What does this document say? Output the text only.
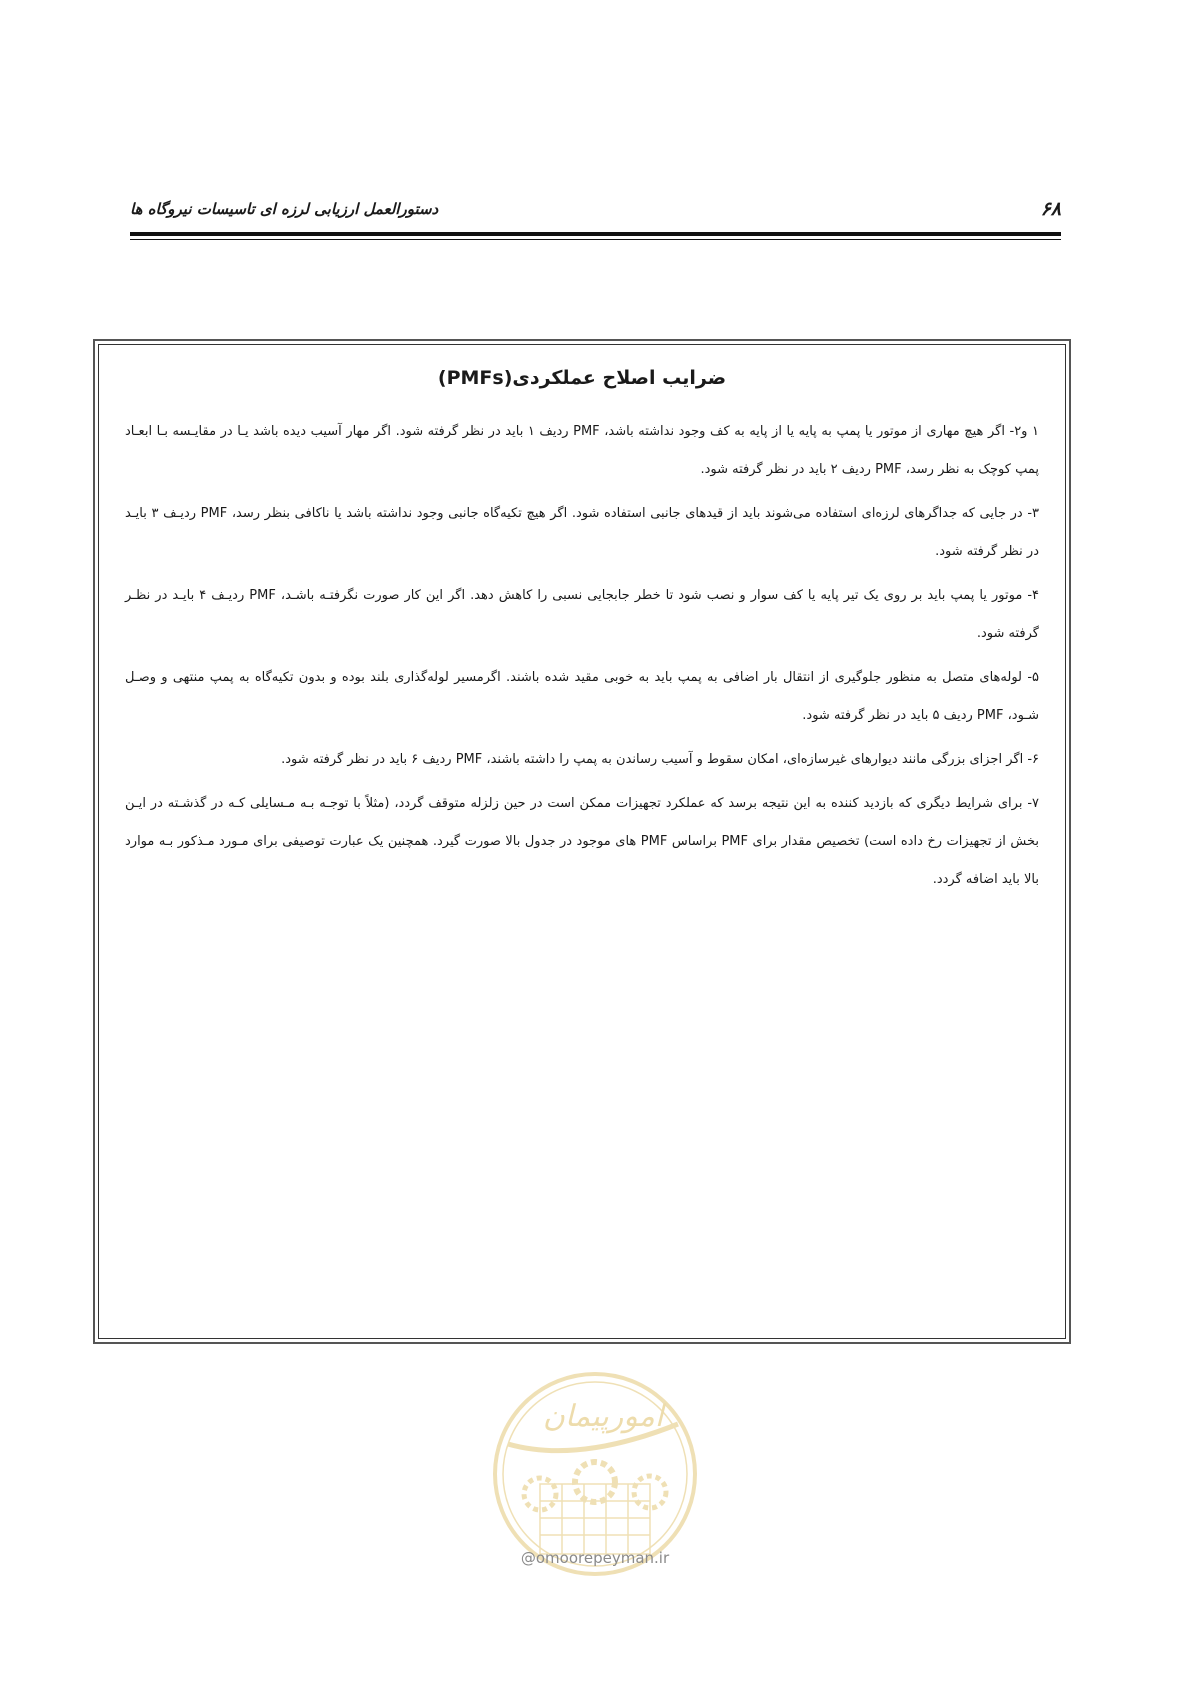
۶۸
دستورالعمل ارزیابی لرزه ای تاسیسات نیروگاه ها
ضرایب اصلاح عملکردی(PMFs)

۱ و۲- اگر هیچ مهاری از موتور یا پمپ به پایه یا از پایه به کف وجود نداشته باشد، PMF ردیف ۱ باید در نظر گرفته شود. اگر مهار آسیب دیده باشد یـا در مقایـسه بـا ابعـاد پمپ کوچک به نظر رسد، PMF ردیف ۲ باید در نظر گرفته شود.

۳- در جایی که جداگرهای لرزه‌ای استفاده می‌شوند باید از قیدهای جانبی استفاده شود. اگر هیچ تکیه‌گاه جانبی وجود نداشته باشد یا ناکافی بنظر رسد، PMF ردیـف ۳ بایـد در نظر گرفته شود.

۴- موتور یا پمپ باید بر روی یک تیر پایه یا کف سوار و نصب شود تا خطر جابجایی نسبی را کاهش دهد. اگر این کار صورت نگرفتـه باشـد، PMF ردیـف ۴ بایـد در نظـر گرفته شود.

۵- لوله‌های متصل به منظور جلوگیری از انتقال بار اضافی به پمپ باید به خوبی مقید شده باشند. اگرمسیر لوله‌گذاری بلند بوده و بدون تکیه‌گاه به پمپ منتهی و وصـل شـود، PMF ردیف ۵ باید در نظر گرفته شود.

۶- اگر اجزای بزرگی مانند دیوارهای غیرسازه‌ای، امکان سقوط و آسیب رساندن به پمپ را داشته باشند، PMF ردیف ۶ باید در نظر گرفته شود.

۷- برای شرایط دیگری که بازدید کننده به این نتیجه برسد که عملکرد تجهیزات ممکن است در حین زلزله متوقف گردد، (مثلاً با توجـه بـه مـسایلی کـه در گذشـته در ایـن بخش از تجهیزات رخ داده است) تخصیص مقدار برای PMF براساس PMF های موجود در جدول بالا صورت گیرد. همچنین یک عبارت توصیفی برای مـورد مـذکور بـه موارد بالا باید اضافه گردد.

امورپیمان
@omoorepeyman.ir
